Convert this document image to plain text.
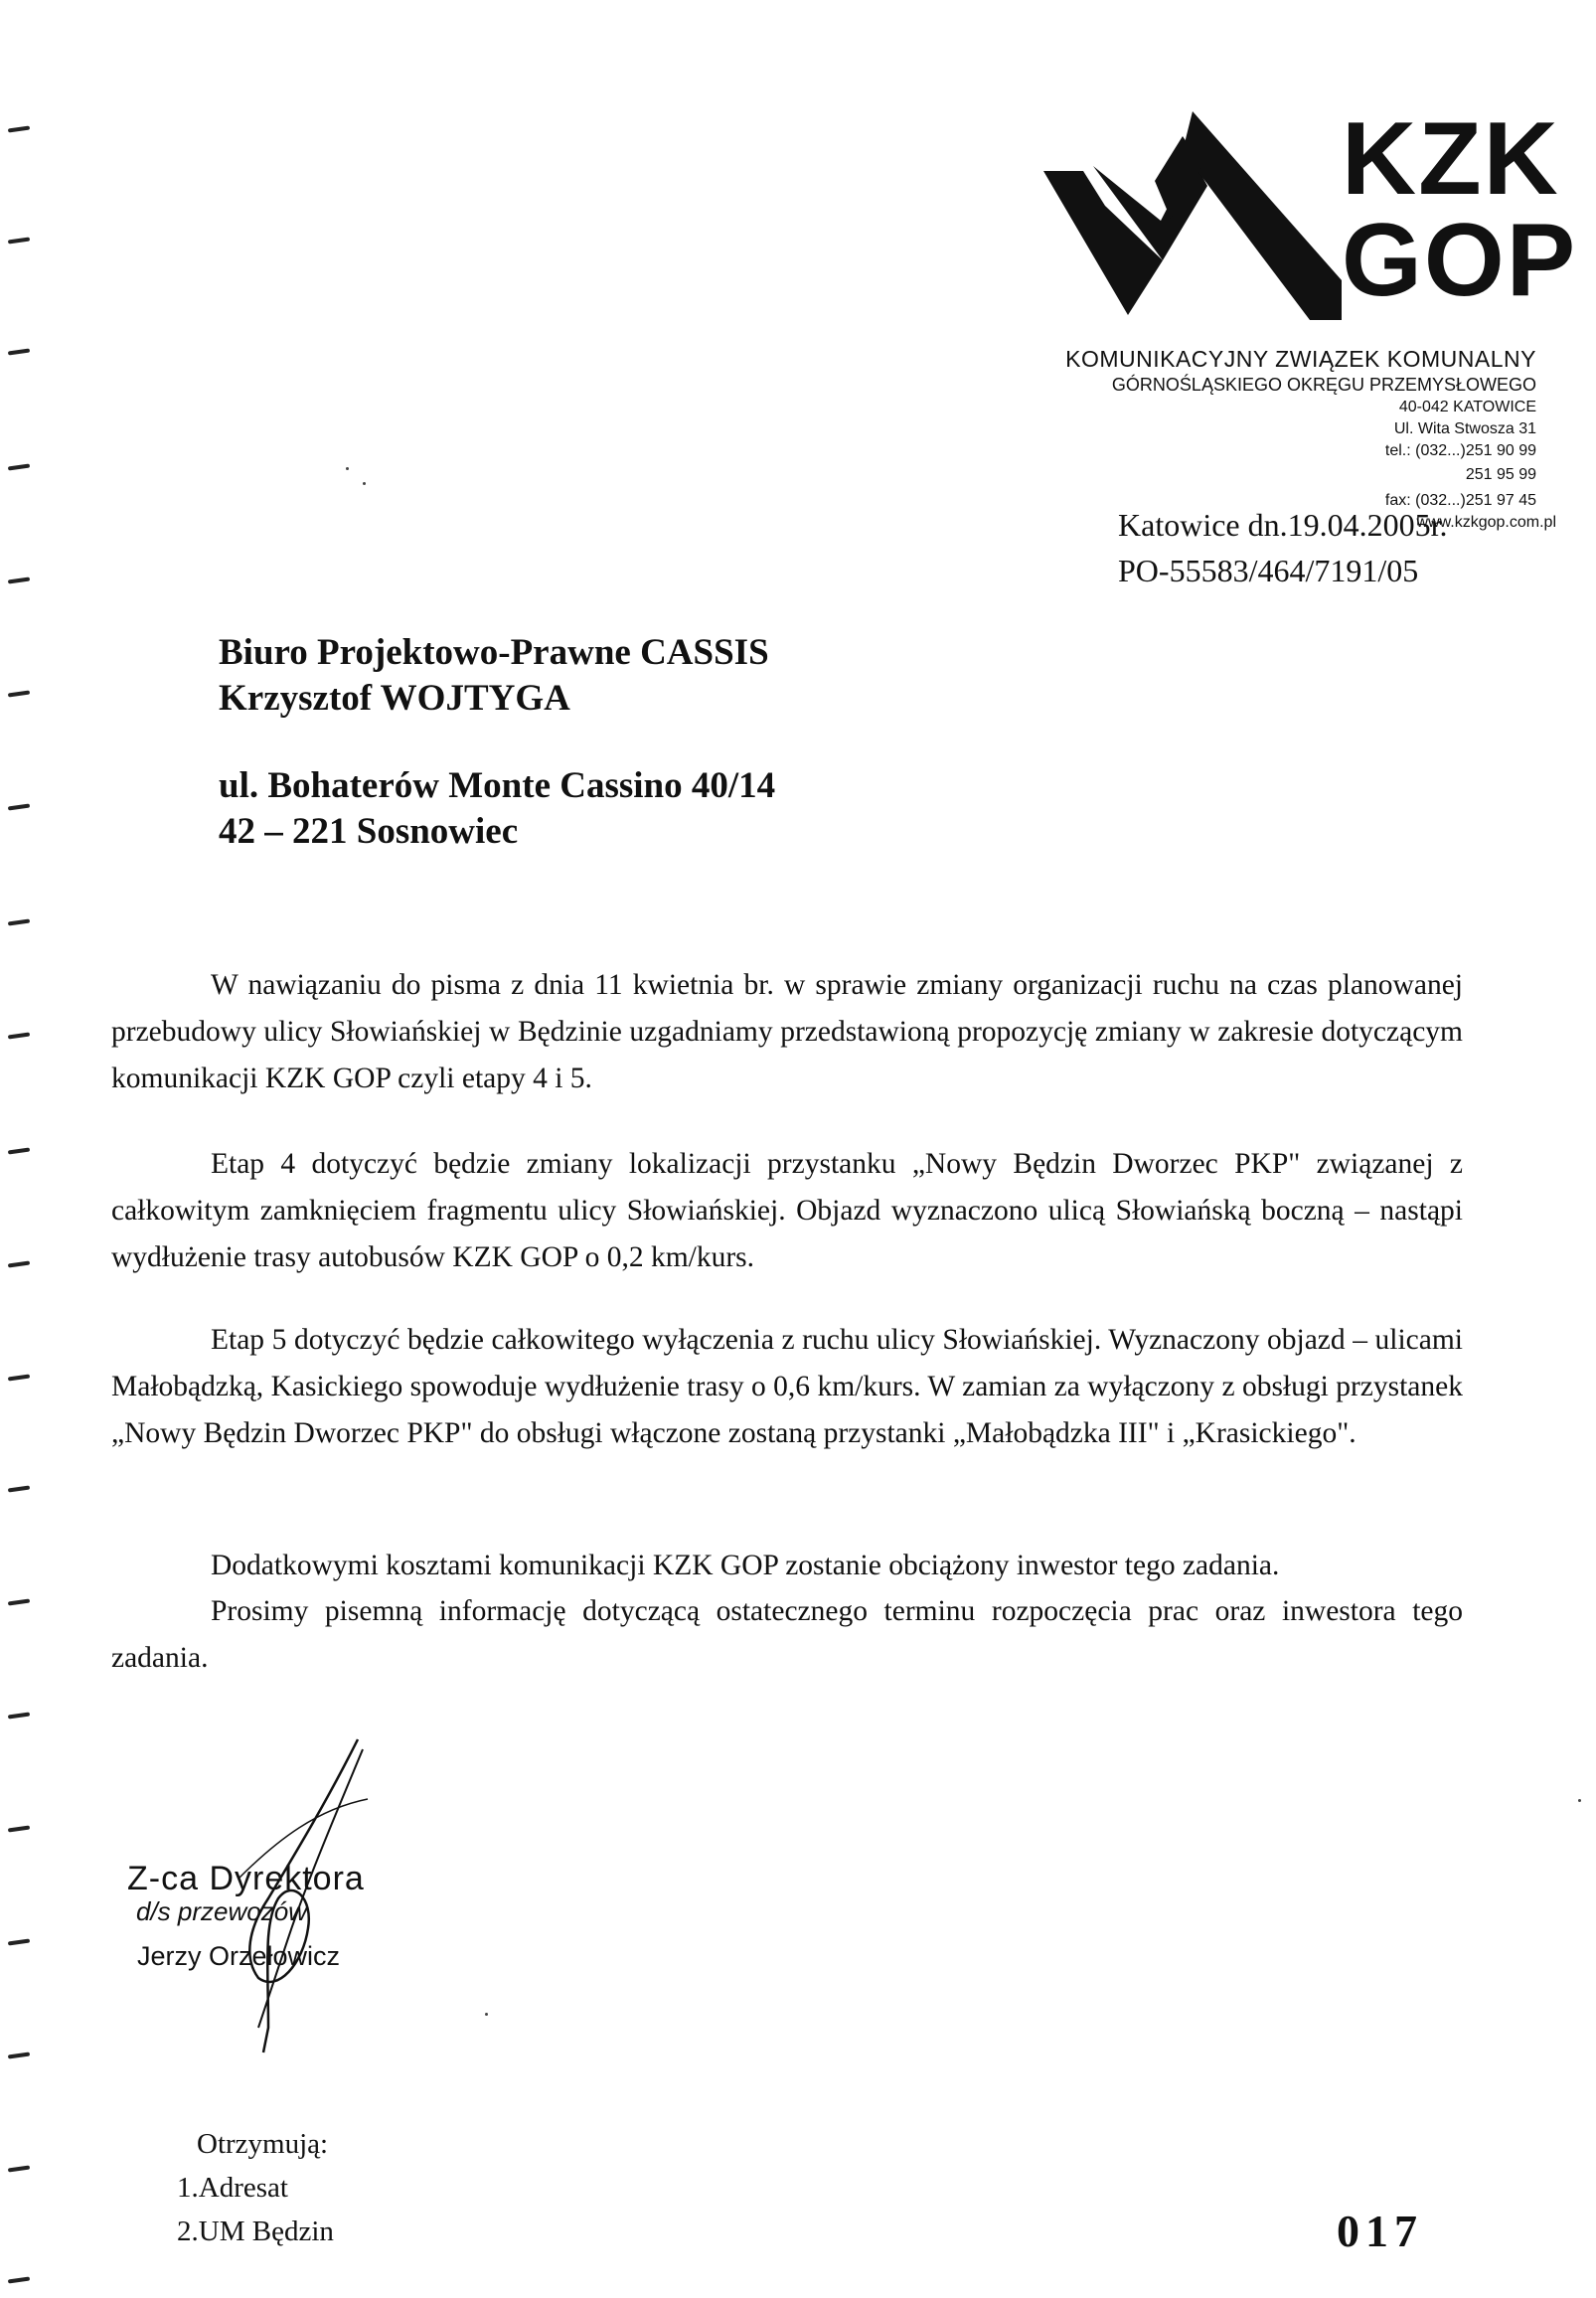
KZK
GOP
KOMUNIKACYJNY ZWIĄZEK KOMUNALNY
GÓRNOŚLĄSKIEGO OKRĘGU PRZEMYSŁOWEGO
40-042 KATOWICE
Ul. Wita Stwosza 31
tel.: (032...)251 90 99
251 95 99
fax: (032...)251 97 45
www.kzkgop.com.pl
Katowice dn.19.04.2005r.
PO-55583/464/7191/05
Biuro Projektowo-Prawne CASSIS
Krzysztof WOJTYGA
ul. Bohaterów Monte Cassino 40/14
42 – 221 Sosnowiec

W nawiązaniu do pisma z dnia 11 kwietnia br. w sprawie zmiany organizacji ruchu na czas planowanej przebudowy ulicy Słowiańskiej w Będzinie uzgadniamy przedstawioną propozycję zmiany w zakresie dotyczącym komunikacji KZK GOP czyli etapy 4 i 5.

Etap 4 dotyczyć będzie zmiany lokalizacji przystanku „Nowy Będzin Dworzec PKP" związanej z całkowitym zamknięciem fragmentu ulicy Słowiańskiej. Objazd wyznaczono ulicą Słowiańską boczną – nastąpi wydłużenie trasy autobusów KZK GOP o 0,2 km/kurs.

Etap 5 dotyczyć będzie całkowitego wyłączenia z ruchu ulicy Słowiańskiej. Wyznaczony objazd – ulicami Małobądzką, Kasickiego spowoduje wydłużenie trasy o 0,6 km/kurs. W zamian za wyłączony z obsługi przystanek „Nowy Będzin Dworzec PKP" do obsługi włączone zostaną przystanki „Małobądzka III" i „Krasickiego".

Dodatkowymi kosztami komunikacji KZK GOP zostanie obciążony inwestor tego zadania.

Prosimy pisemną informację dotyczącą ostatecznego terminu rozpoczęcia prac oraz inwestora tego zadania.

Z-ca Dyrektora
d/s przewozów
Jerzy Orzełowicz
Otrzymują:
1.Adresat
2.UM Będzin	017
